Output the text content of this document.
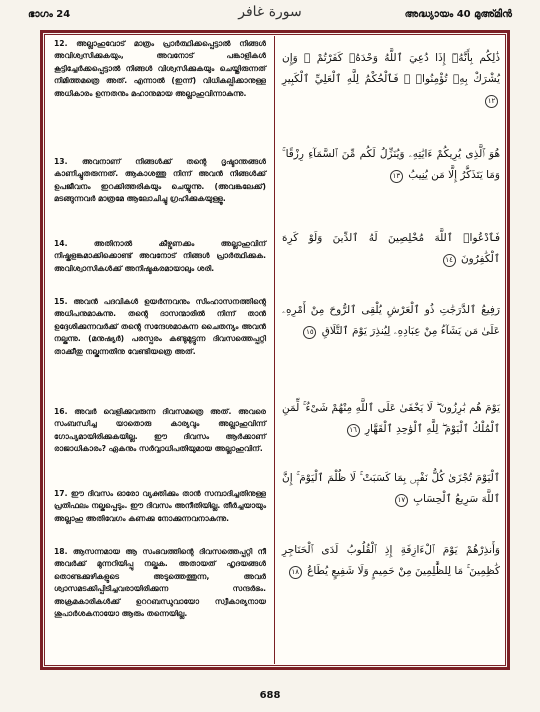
ഭാഗം 24	سورة غافر	അദ്ധ്യായം 40 മുഅ്മിൻ
12. അല്ലാഹുവോട് മാത്രം പ്രാർത്ഥിക്കപ്പെട്ടാൽ നിങ്ങൾ അവിശ്വസിക്കുകയും, അവനോട് പങ്കാളികൾ കൂട്ടിച്ചേർക്കപ്പെട്ടാൽ നിങ്ങൾ വിശ്വസിക്കുകയും ചെയ്തിരുന്നത് നിമിത്തമത്രെ അത്. എന്നാൽ (ഇന്ന്) വിധികല്പിക്കാനുള്ള അധികാരം ഉന്നതനും മഹാനുമായ അല്ലാഹുവിന്നാകുന്നു.
13. അവനാണ് നിങ്ങൾക്ക് തന്റെ ദൃഷ്ടാന്തങ്ങൾ കാണിച്ചുതരുന്നത്. ആകാശത്തു നിന്ന് അവൻ നിങ്ങൾക്ക് ഉപജീവനം ഇറക്കിത്തരികയും ചെയ്യുന്നു. (അവങ്കലേക്ക്) മടങ്ങുന്നവർ മാത്രമേ ആലോചിച്ചു ഗ്രഹിക്കുകയുള്ളൂ.
14. അതിനാൽ കീഴ്വണക്കം അല്ലാഹുവിന് നിഷ്കളങ്കമാക്കിക്കൊണ്ട് അവനോട് നിങ്ങൾ പ്രാർത്ഥിക്കുക. അവിശ്വാസികൾക്ക് അനിഷ്ടകരമായാലും ശരി.
15. അവൻ പദവികൾ ഉയർന്നവനും സിംഹാസനത്തിന്റെ അധിപനുമാകുന്നു. തന്റെ ദാസന്മാരിൽ നിന്ന് താൻ ഉദ്ദേശിക്കുന്നവർക്ക് തന്റെ സന്ദേശമാകുന്ന ചൈതന്യം അവൻ നല്കുന്നു. (മനുഷ്യർ) പരസ്പരം കണ്ടുമുട്ടുന്ന ദിവസത്തെപ്പറ്റി താക്കീതു നല്കുന്നതിനു വേണ്ടിയത്രെ അത്.
16. അവർ വെളിക്കുവരുന്ന ദിവസമത്രെ അത്. അവരെ സംബന്ധിച്ച യാതൊരു കാര്യവും അല്ലാഹുവിന്ന് ഗോപ്യമായിരിക്കുകയില്ല. ഈ ദിവസം ആർക്കാണ് രാജാധികാരം? ഏകനും സർവ്വാധിപതിയുമായ അല്ലാഹുവിന്.
17. ഈ ദിവസം ഓരോ വ്യക്തിക്കും താൻ സമ്പാദിച്ചതിനുള്ള പ്രതിഫലം നല്കപ്പെടും. ഈ ദിവസം അനീതിയില്ല. തീർച്ചയായും അല്ലാഹു അതിവേഗം കണക്കു നോക്കുന്നവനാകുന്നു.
18. ആസന്നമായ ആ സംഭവത്തിന്റെ ദിവസത്തെപ്പറ്റി നീ അവർക്ക് മുന്നറിയിപ്പു നല്കുക. അതായത് ഹൃദയങ്ങൾ തൊണ്ടക്കുഴികളുടെ അടുത്തെത്തുന്ന, അവർ ശ്വാസമടക്കിപ്പിടിച്ചവരായിരിക്കുന്ന സന്ദർഭം. അക്രമകാരികൾക്ക് ഉററബന്ധുവായോ സ്വീകാര്യനായ ശുപാർശകനായോ ആരും തന്നെയില്ല.
ذَٰلِكُم بِأَنَّهُۥٓ إِذَا دُعِيَ ٱللَّهُ وَحْدَهُۥ كَفَرْتُمْ ۖ وَإِن يُشْرَكْ بِهِۦ تُؤْمِنُوا۟ ۚ فَٱلْحُكْمُ لِلَّهِ ٱلْعَلِيِّ ٱلْكَبِيرِ ١٢
هُوَ ٱلَّذِى يُرِيكُمْ ءَايَٰتِهِۦ وَيُنَزِّلُ لَكُم مِّنَ ٱلسَّمَآءِ رِزْقًا ۚ وَمَا يَتَذَكَّرُ إِلَّا مَن يُنِيبُ ١٣
فَٱدْعُوا۟ ٱللَّهَ مُخْلِصِينَ لَهُ ٱلدِّينَ وَلَوْ كَرِهَ ٱلْكَٰفِرُونَ ١٤
رَفِيعُ ٱلدَّرَجَٰتِ ذُو ٱلْعَرْشِ يُلْقِى ٱلرُّوحَ مِنْ أَمْرِهِۦ عَلَىٰ مَن يَشَآءُ مِنْ عِبَادِهِۦ لِيُنذِرَ يَوْمَ ٱلتَّلَاقِ ١٥
يَوْمَ هُم بَٰرِزُونَ ۖ لَا يَخْفَىٰ عَلَى ٱللَّهِ مِنْهُمْ شَىْءٌ ۚ لِّمَنِ ٱلْمُلْكُ ٱلْيَوْمَ ۖ لِلَّهِ ٱلْوَٰحِدِ ٱلْقَهَّارِ ١٦
ٱلْيَوْمَ تُجْزَىٰ كُلُّ نَفْسٍۭ بِمَا كَسَبَتْ ۚ لَا ظُلْمَ ٱلْيَوْمَ ۚ إِنَّ ٱللَّهَ سَرِيعُ ٱلْحِسَابِ ١٧
وَأَنذِرْهُمْ يَوْمَ ٱلْءَازِفَةِ إِذِ ٱلْقُلُوبُ لَدَى ٱلْحَنَاجِرِ كَٰظِمِينَ ۚ مَا لِلظَّٰلِمِينَ مِنْ حَمِيمٍ وَلَا شَفِيعٍ يُطَاعُ ١٨
688
